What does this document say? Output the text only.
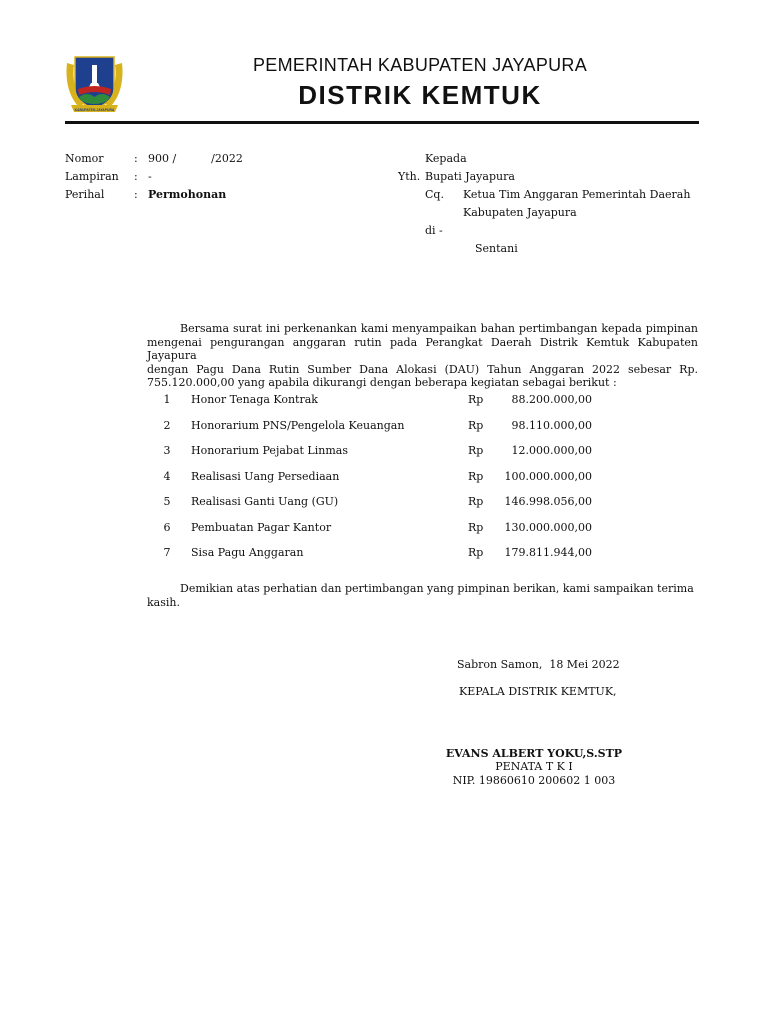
KABUPATEN JAYAPURA
PEMERINTAH KABUPATEN JAYAPURA
DISTRIK KEMTUK
Nomor	: 900 /          /2022
Lampiran : -
Perihal	: Permohonan
Kepada
Yth. Bupati Jayapura
Cq. Ketua Tim Anggaran Pemerintah Daerah
Kabupaten Jayapura
di -
Sentani
Bersama surat ini perkenankan kami menyampaikan bahan pertimbangan kepada pimpinan
mengenai pengurangan anggaran rutin pada Perangkat Daerah Distrik Kemtuk Kabupaten Jayapura
dengan Pagu Dana Rutin Sumber Dana Alokasi (DAU) Tahun Anggaran 2022 sebesar Rp.
755.120.000,00 yang apabila dikurangi dengan beberapa kegiatan sebagai berikut :
1	Honor Tenaga Kontrak	Rp	88.200.000,00
2	Honorarium PNS/Pengelola Keuangan	Rp	98.110.000,00
3	Honorarium Pejabat Linmas	Rp	12.000.000,00
4	Realisasi Uang Persediaan	Rp	100.000.000,00
5	Realisasi Ganti Uang (GU)	Rp	146.998.056,00
6	Pembuatan Pagar Kantor	Rp	130.000.000,00
7	Sisa Pagu Anggaran	Rp	179.811.944,00
Demikian atas perhatian dan pertimbangan yang pimpinan berikan, kami sampaikan terima
kasih.
Sabron Samon,  18 Mei 2022
KEPALA DISTRIK KEMTUK,
EVANS ALBERT YOKU,S.STP
PENATA T K I
NIP. 19860610 200602 1 003
